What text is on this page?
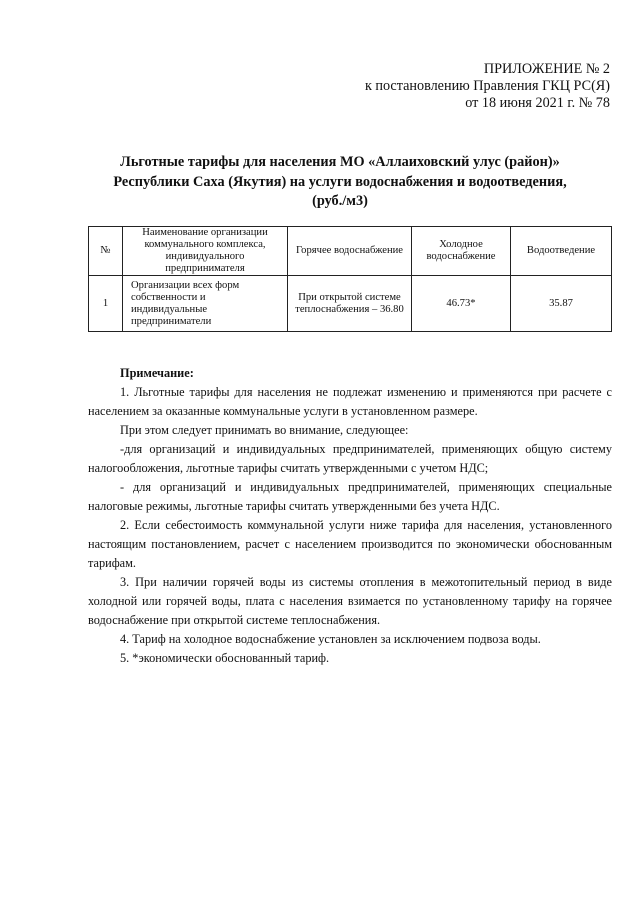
ПРИЛОЖЕНИЕ № 2
к постановлению Правления ГКЦ РС(Я)
от 18 июня 2021 г. № 78
Льготные тарифы для населения МО «Аллаиховский улус (район)»
Республики Саха (Якутия) на услуги водоснабжения и водоотведения,
(руб./м3)
№	Наименование организации коммунального комплекса, индивидуального предпринимателя	Горячее водоснабжение	Холодное водоснабжение	Водоотведение
1	Организации всех форм собственности и индивидуальные предприниматели	При открытой системе теплоснабжения – 36.80	46.73*	35.87
Примечание:

1. Льготные тарифы для населения не подлежат изменению и применяются при расчете с населением за оказанные коммунальные услуги в установленном размере.

При этом следует принимать во внимание, следующее:

-для организаций и индивидуальных предпринимателей, применяющих общую систему налогообложения, льготные тарифы считать утвержденными с учетом НДС;

- для организаций и индивидуальных предпринимателей, применяющих специальные налоговые режимы, льготные тарифы считать утвержденными без учета НДС.

2. Если себестоимость коммунальной услуги ниже тарифа для населения, установленного настоящим постановлением, расчет с населением производится по экономически обоснованным тарифам.

3. При наличии горячей воды из системы отопления в межотопительный период в виде холодной или горячей воды, плата с населения взимается по установленному тарифу на горячее водоснабжение при открытой системе теплоснабжения.

4. Тариф на холодное водоснабжение установлен за исключением подвоза воды.

5. *экономически обоснованный тариф.
